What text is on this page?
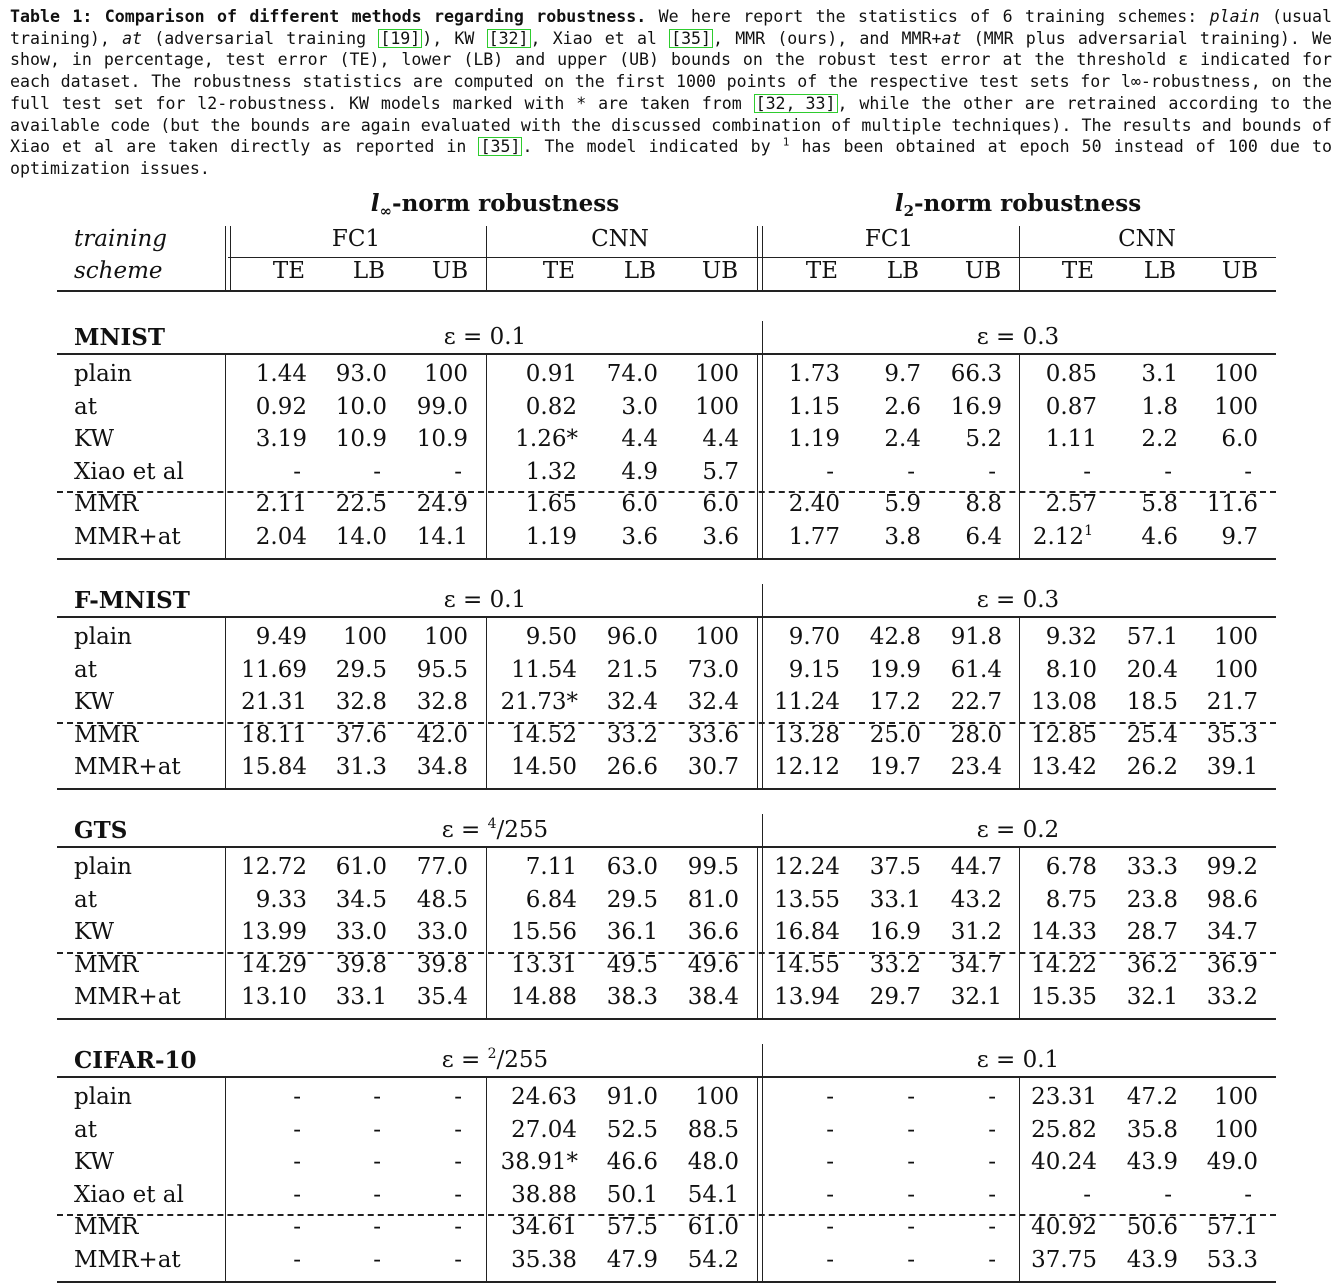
Table 1: Comparison of different methods regarding robustness. We here report the statistics of 6 training schemes: plain (usual training), at (adversarial training [19] ), KW [32] , Xiao et al [35] , MMR (ours), and MMR+at (MMR plus adversarial training). We show, in percentage, test error (TE), lower (LB) and upper (UB) bounds on the robust test error at the threshold ε indicated for each dataset. The robustness statistics are computed on the first 1000 points of the respective test sets for l∞-robustness, on the full test set for l2-robustness. KW models marked with * are taken from [32, 33] , while the other are retrained according to the available code (but the bounds are again evaluated with the discussed combination of multiple techniques). The results and bounds of Xiao et al are taken directly as reported in [35] . The model indicated by $^1$ has been obtained at epoch 50 instead of 100 due to optimization issues.
$l_\infty$-norm robustness	$l_2$-norm robustness
training
scheme
FC1	CNN	FC1	CNN
TE LB UB	TE LB UB	TE LB UB	TE LB UB
MNIST	ε = 0.1	ε = 0.3
plain	1.44 93.0 100	0.91 74.0 100 1.73 9.7 66.3 0.85 3.1 100
at	0.92 10.0 99.0	0.82 3.0 100 1.15 2.6 16.9 0.87 1.8 100
KW	3.19 10.9 10.9 1.26* 4.4 4.4 1.19 2.4 5.2 1.11 2.2 6.0
Xiao et al	-	-	-	1.32 4.9 5.7	-	-	-	-	-	-
MMR	2.11 22.5 24.9	1.65 6.0 6.0 2.40 5.9 8.8 2.57 5.8 11.6
MMR+at	2.04 14.0 14.1	1.19 3.6 3.6 1.77 3.8 6.4 2.12$^1$ 4.6 9.7
F-MNIST	ε = 0.1	ε = 0.3
plain	9.49 100 100	9.50 96.0 100 9.70 42.8 91.8 9.32 57.1 100
at	11.69 29.5 95.5 11.54 21.5 73.0 9.15 19.9 61.4 8.10 20.4 100
KW	21.31 32.8 32.8 21.73* 32.4 32.4 11.24 17.2 22.7 13.08 18.5 21.7
MMR	18.11 37.6 42.0 14.52 33.2 33.6 13.28 25.0 28.0 12.85 25.4 35.3
MMR+at	15.84 31.3 34.8 14.50 26.6 30.7 12.12 19.7 23.4 13.42 26.2 39.1
GTS	ε = $^4$/255	ε = 0.2
plain	12.72 61.0 77.0	7.11 63.0 99.5 12.24 37.5 44.7 6.78 33.3 99.2
at	9.33 34.5 48.5	6.84 29.5 81.0 13.55 33.1 43.2 8.75 23.8 98.6
KW	13.99 33.0 33.0 15.56 36.1 36.6 16.84 16.9 31.2 14.33 28.7 34.7
MMR	14.29 39.8 39.8 13.31 49.5 49.6 14.55 33.2 34.7 14.22 36.2 36.9
MMR+at	13.10 33.1 35.4 14.88 38.3 38.4 13.94 29.7 32.1 15.35 32.1 33.2
CIFAR-10	ε = $^2$/255	ε = 0.1
plain	-	-	- 24.63 91.0 100	-	-	- 23.31 47.2 100
at	-	-	- 27.04 52.5 88.5	-	-	- 25.82 35.8 100
KW	-	-	- 38.91* 46.6 48.0	-	-	- 40.24 43.9 49.0
Xiao et al	-	-	- 38.88 50.1 54.1	-	-	-	-	-	-
MMR	-	-	- 34.61 57.5 61.0	-	-	- 40.92 50.6 57.1
MMR+at	-	-	- 35.38 47.9 54.2	-	-	- 37.75 43.9 53.3
